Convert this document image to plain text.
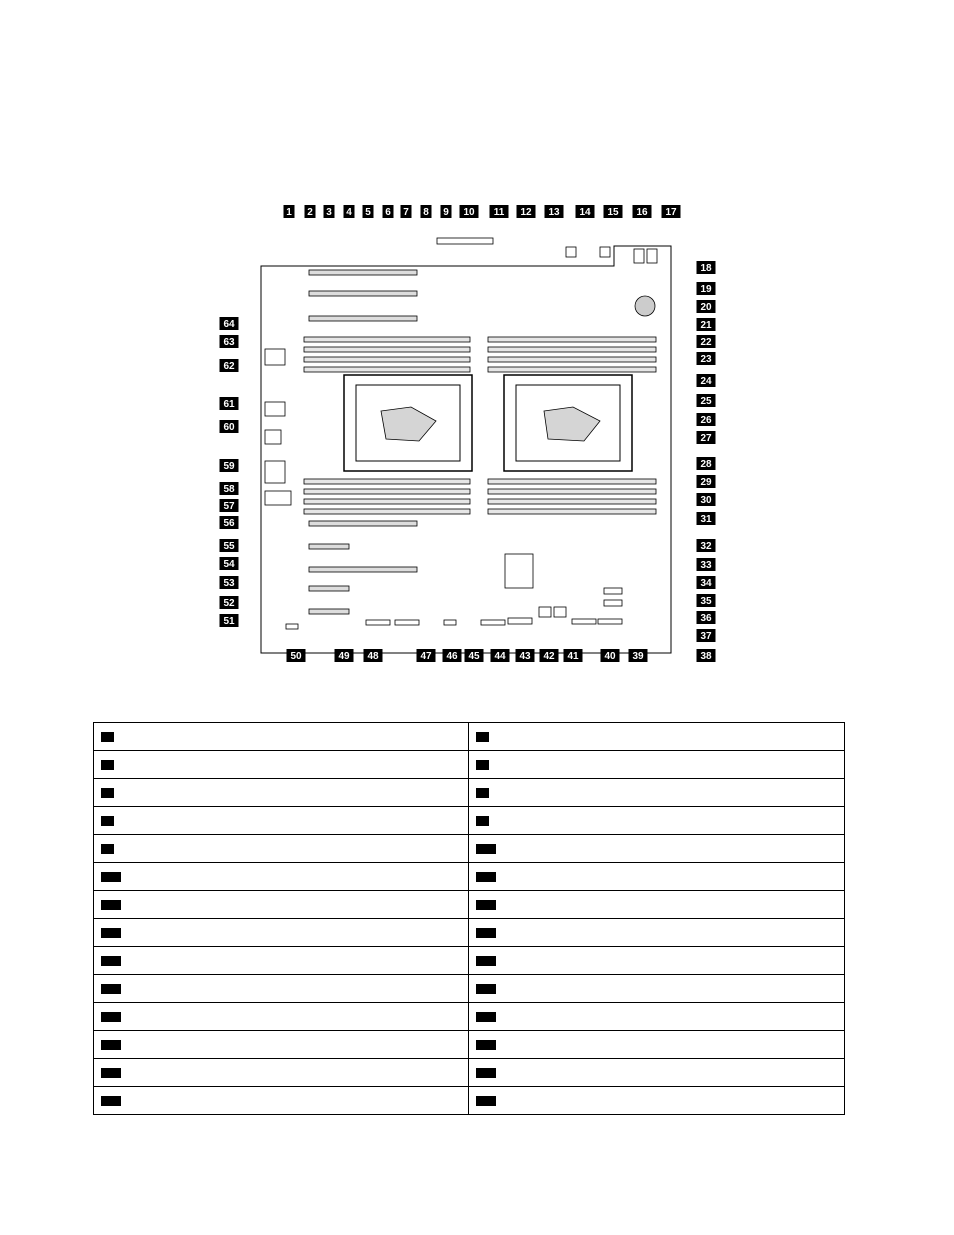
1 2 3 4 5 6 7 8 9 10 11 12 13 14 15 16 17
18
19
20
21
22
23
24
25
26
27
28
29
30
31
32
33
34
35
36
37
38
50	49 48	47 46 45 44 43 42 41	40 39
64
63
62
61
60
59
58
57
56
55
54
53
52
51
1	2
3	4
5	6
7	8
9	10
11	12
13	14
15	16
17	18
19	20
21	22
23	24
25	26
27	28
